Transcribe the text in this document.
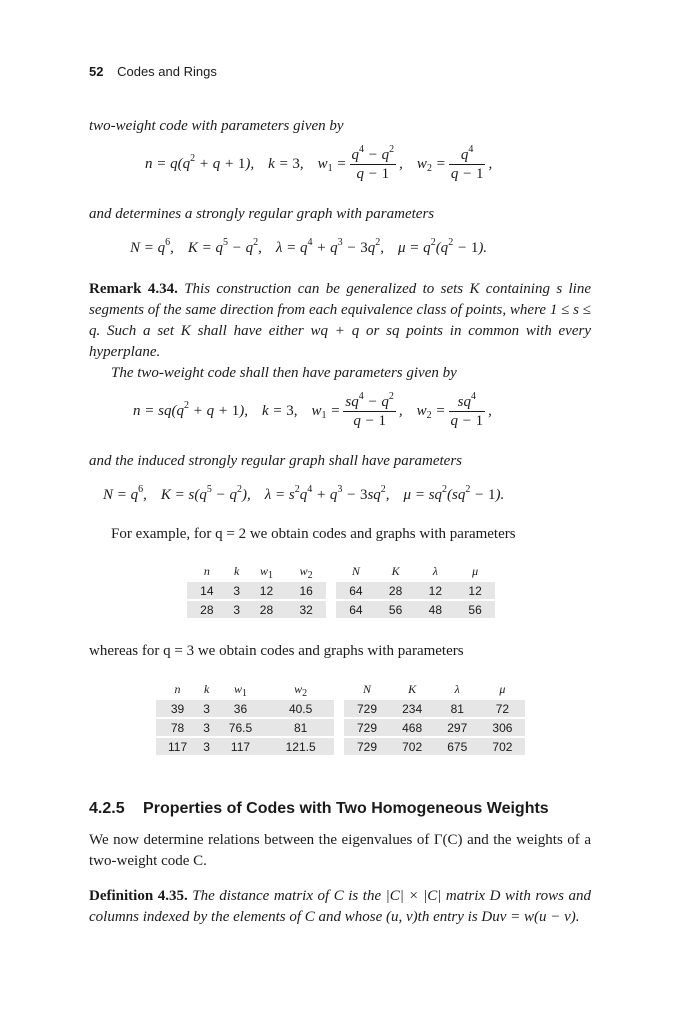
52 Codes and Rings
two-weight code with parameters given by
$n = q(q^2 + q + 1)$, k = 3, $w_1 = \frac{q^4 - q^2}{q - 1}$ , $w_2 = \frac{q^4}{q - 1}$ ,
and determines a strongly regular graph with parameters
$N = q^6$, $K = q^5 - q^2$, $\lambda = q^4 + q^3 - 3q^2$, $\mu = q^2(q^2 - 1)$.
Remark 4.34. This construction can be generalized to sets K containing s line segments of the same direction from each equivalence class of points, where 1 ≤ s ≤ q. Such a set K shall have either wq + q or sq points in common with every hyperplane.
The two-weight code shall then have parameters given by
$n = sq(q^2 + q + 1)$, k = 3, $w_1 = \frac{sq^4 - q^2}{q - 1}$ , $w_2 = \frac{sq^4}{q - 1}$ ,
and the induced strongly regular graph shall have parameters
$N = q^6$, $K = s(q^5 - q^2)$, $\lambda = s^2q^4 + q^3 - 3sq^2$, $\mu = sq^2(sq^2 - 1)$.
For example, for q = 2 we obtain codes and graphs with parameters
n	k	$w_1$	$w_2$		N	K	λ	μ
14	3	12	16		64	28	12	12
28	3	28	32		64	56	48	56
whereas for q = 3 we obtain codes and graphs with parameters
n	k	$w_1$	$w_2$		N	K	λ	μ
39	3	36	40.5		729	234	81	72
78	3	76.5	81		729	468	297	306
117	3	117	121.5		729	702	675	702
4.2.5 Properties of Codes with Two Homogeneous Weights
We now determine relations between the eigenvalues of Γ(C) and the weights of a two-weight code C.
Definition 4.35. The distance matrix of C is the |C| × |C| matrix D with rows and columns indexed by the elements of C and whose (u, v)th entry is Duv = w(u − v).
